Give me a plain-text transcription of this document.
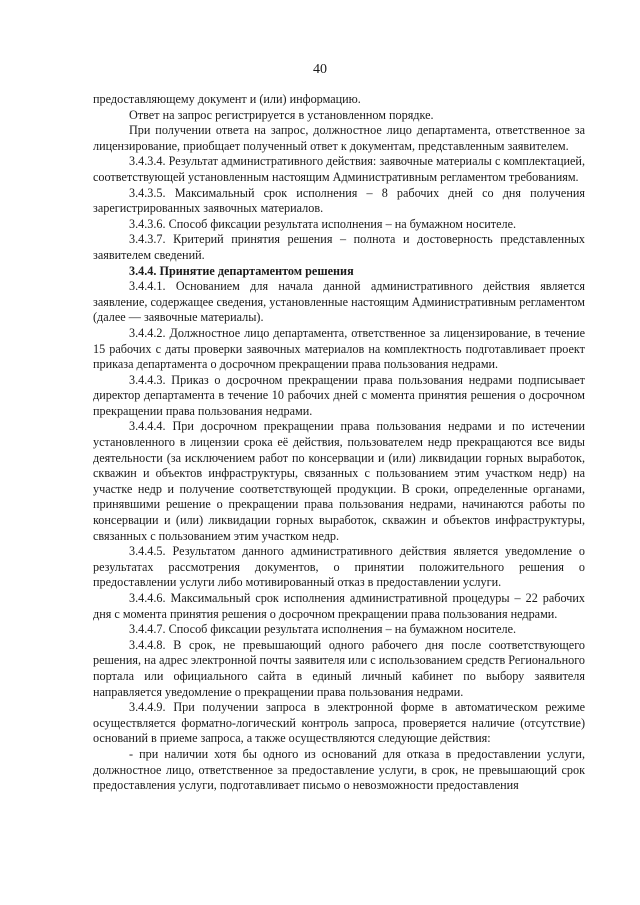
40

предоставляющему документ и (или) информацию.

Ответ на запрос регистрируется в установленном порядке.

При получении ответа на запрос, должностное лицо департамента, ответственное за лицензирование, приобщает полученный ответ к документам, представленным заявителем.

3.4.3.4. Результат административного действия: заявочные материалы с комплектацией, соответствующей установленным настоящим Административным регламентом требованиям.

3.4.3.5. Максимальный срок исполнения – 8 рабочих дней со дня получения зарегистрированных заявочных материалов.

3.4.3.6. Способ фиксации результата исполнения – на бумажном носителе.

3.4.3.7. Критерий принятия решения – полнота и достоверность представленных заявителем сведений.

3.4.4. Принятие департаментом решения

3.4.4.1. Основанием для начала данной административного действия является заявление, содержащее сведения, установленные настоящим Административным регламентом (далее — заявочные материалы).

3.4.4.2. Должностное лицо департамента, ответственное за лицензирование, в течение 15 рабочих с даты проверки заявочных материалов на комплектность подготавливает проект приказа департамента о досрочном прекращении права пользования недрами.

3.4.4.3. Приказ о досрочном прекращении права пользования недрами подписывает директор департамента в течение 10 рабочих дней с момента принятия решения о досрочном прекращении права пользования недрами.

3.4.4.4. При досрочном прекращении права пользования недрами и по истечении установленного в лицензии срока её действия, пользователем недр прекращаются все виды деятельности (за исключением работ по консервации и (или) ликвидации горных выработок, скважин и объектов инфраструктуры, связанных с пользованием этим участком недр) на участке недр и получение соответствующей продукции. В сроки, определенные органами, принявшими решение о прекращении права пользования недрами, начинаются работы по консервации и (или) ликвидации горных выработок, скважин и объектов инфраструктуры, связанных с пользованием этим участком недр.

3.4.4.5. Результатом данного административного действия является уведомление о результатах рассмотрения документов, о принятии положительного решения о предоставлении услуги либо мотивированный отказ в предоставлении услуги.

3.4.4.6. Максимальный срок исполнения административной процедуры – 22 рабочих дня с момента принятия решения о досрочном прекращении права пользования недрами.

3.4.4.7. Способ фиксации результата исполнения – на бумажном носителе.

3.4.4.8. В срок, не превышающий одного рабочего дня после соответствующего решения, на адрес электронной почты заявителя или с использованием средств Регионального портала или официального сайта в единый личный кабинет по выбору заявителя направляется уведомление о прекращении права пользования недрами.

3.4.4.9. При получении запроса в электронной форме в автоматическом режиме осуществляется форматно-логический контроль запроса, проверяется наличие (отсутствие) оснований в приеме запроса, а также осуществляются следующие действия:

- при наличии хотя бы одного из оснований для отказа в предоставлении услуги, должностное лицо, ответственное за предоставление услуги, в срок, не превышающий срок предоставления услуги, подготавливает письмо о невозможности предоставления
